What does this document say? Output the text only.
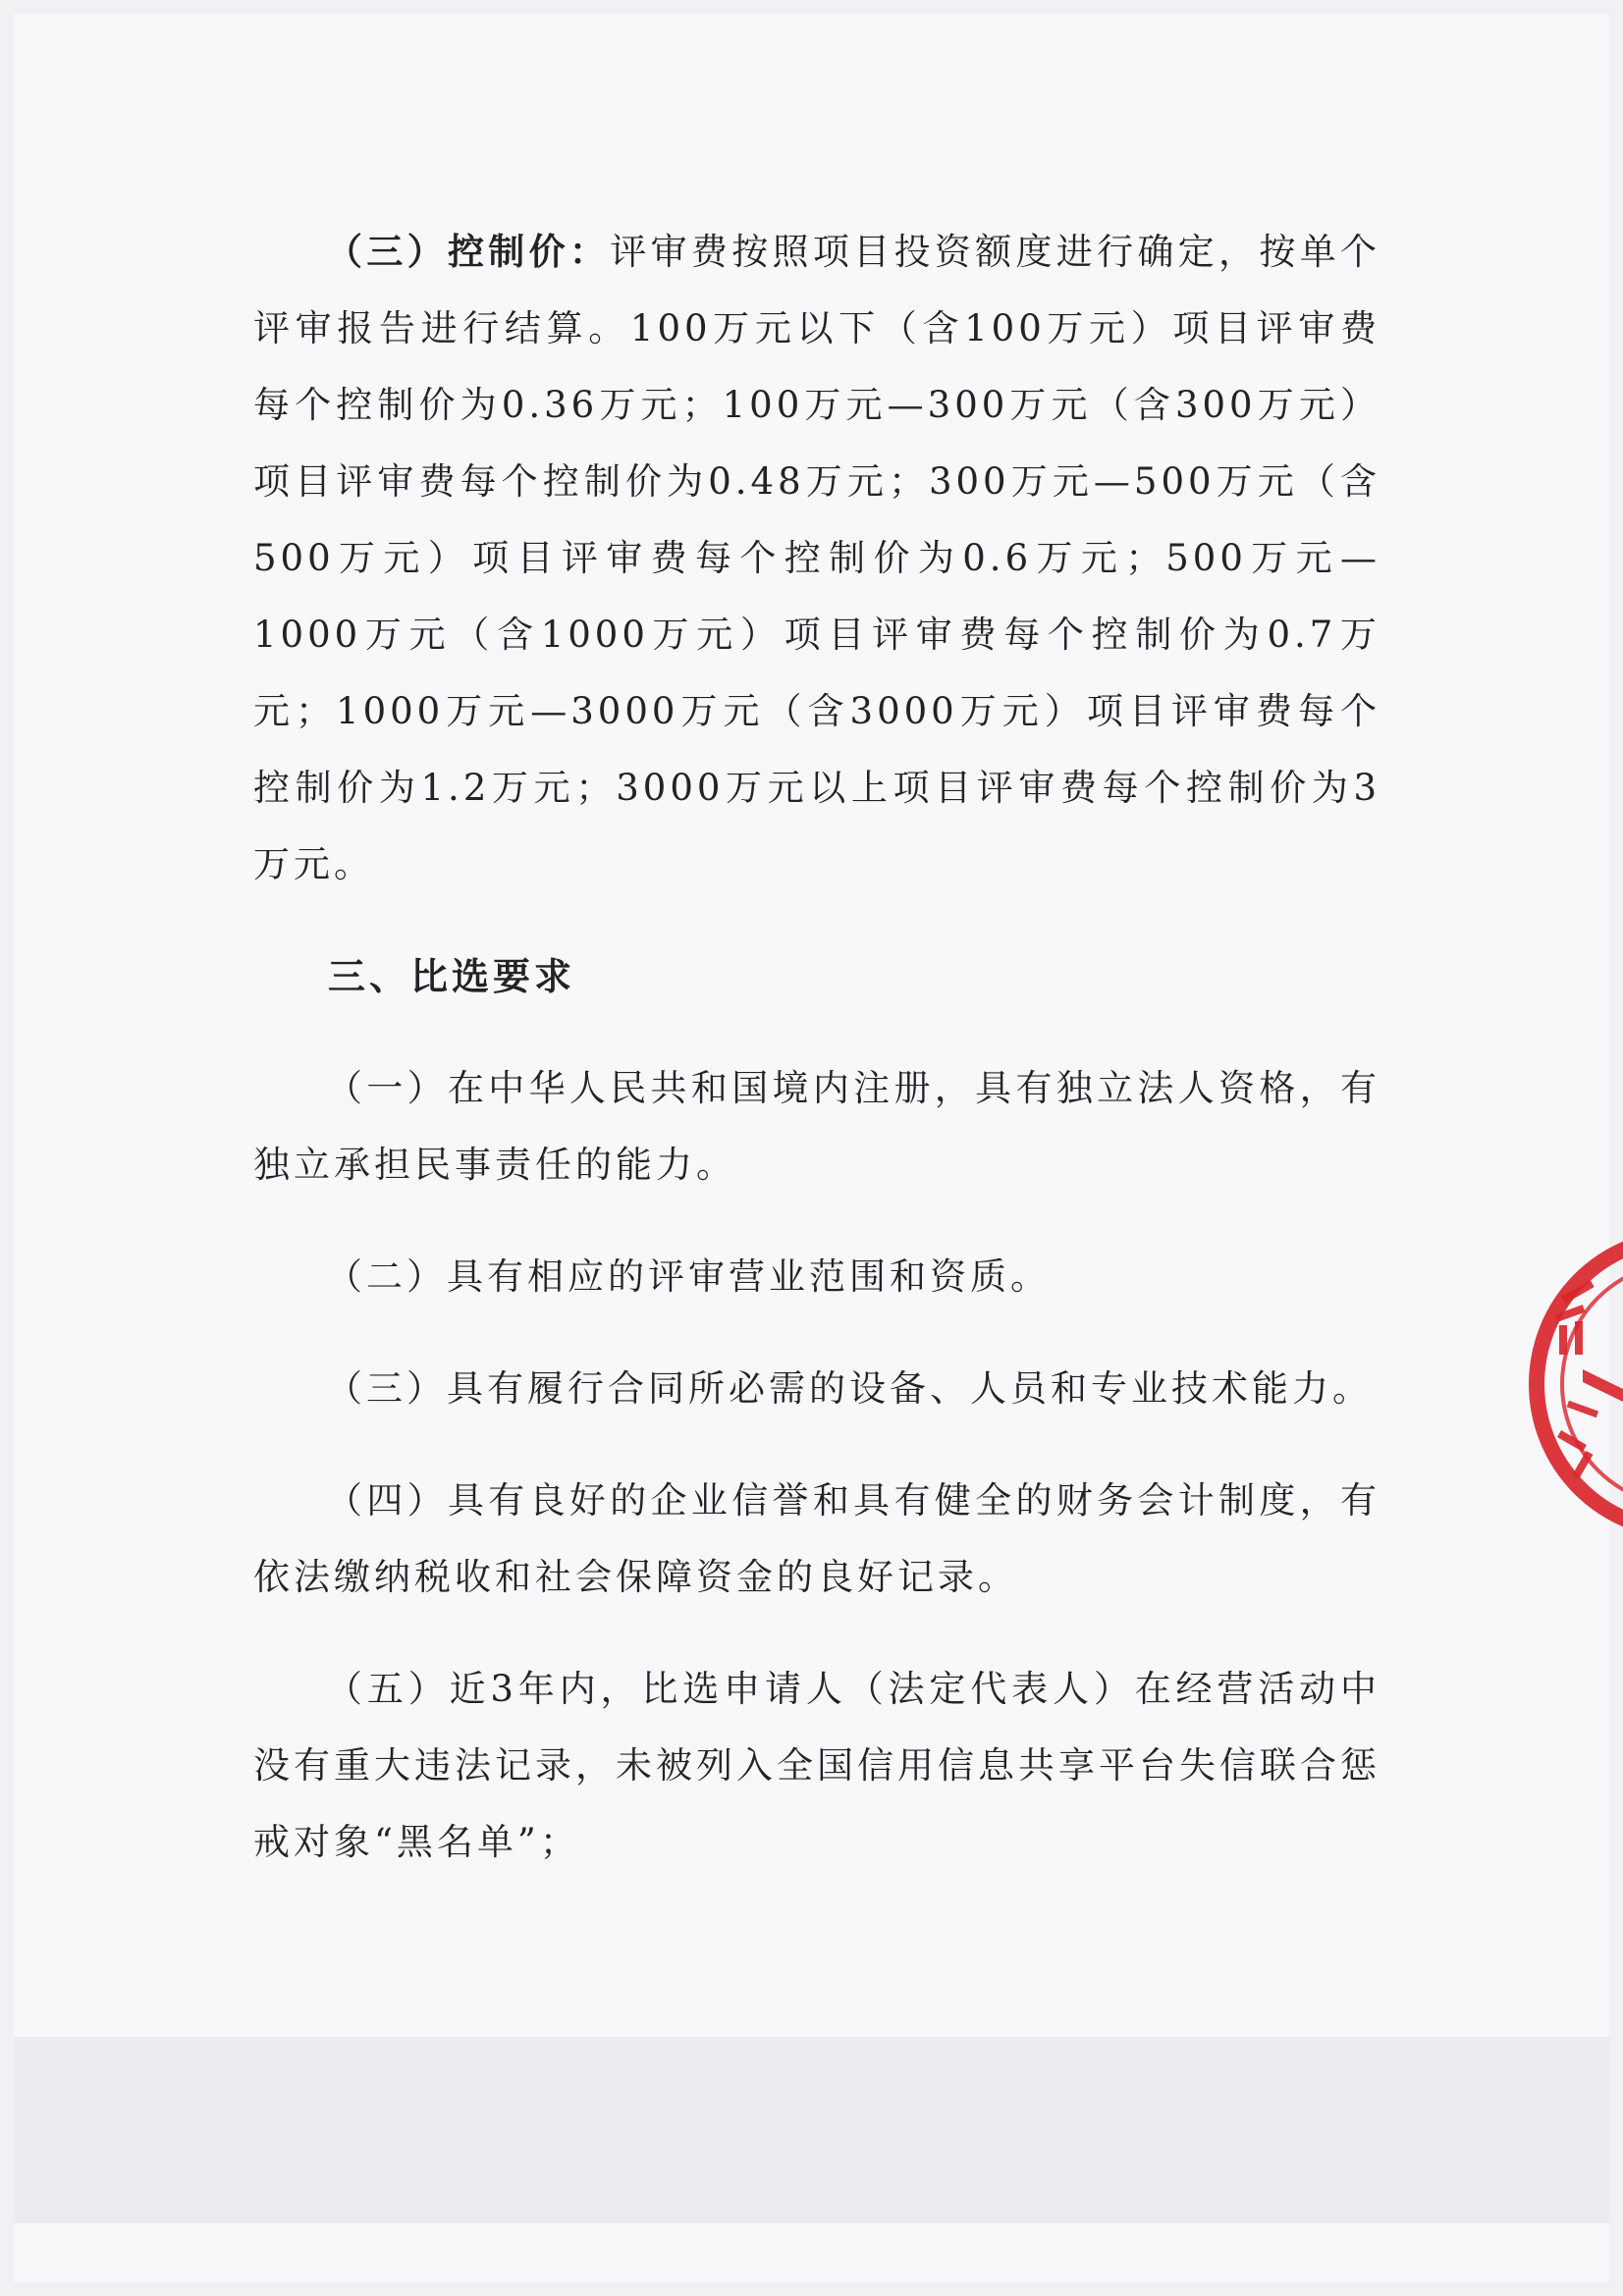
（三）控制价：评审费按照项目投资额度进行确定，按单个评审报告进行结算。100万元以下（含100万元）项目评审费每个控制价为0.36万元；100万元—300万元（含300万元）项目评审费每个控制价为0.48万元；300万元—500万元（含500万元）项目评审费每个控制价为0.6万元；500万元—1000万元（含1000万元）项目评审费每个控制价为0.7万元；1000万元—3000万元（含3000万元）项目评审费每个控制价为1.2万元；3000万元以上项目评审费每个控制价为3万元。

三、比选要求

（一）在中华人民共和国境内注册，具有独立法人资格，有独立承担民事责任的能力。

（二）具有相应的评审营业范围和资质。

（三）具有履行合同所必需的设备、人员和专业技术能力。

（四）具有良好的企业信誉和具有健全的财务会计制度，有依法缴纳税收和社会保障资金的良好记录。

（五）近3年内，比选申请人（法定代表人）在经营活动中没有重大违法记录，未被列入全国信用信息共享平台失信联合惩戒对象“黑名单”；
